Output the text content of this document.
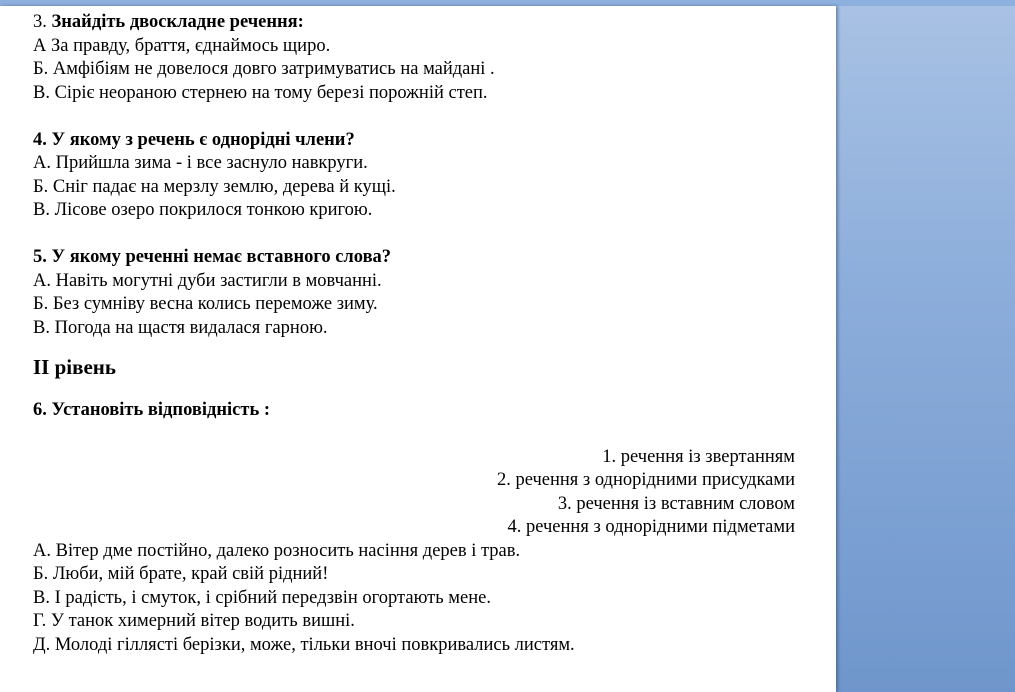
3. Знайдіть двоскладне речення:
А За правду, браття, єднаймось щиро.
Б. Амфібіям не довелося довго затримуватись на майдані .
В. Сіріє неораною стернею на тому березі порожній степ.
4. У якому з речень є однорідні члени?
А. Прийшла зима - і все заснуло навкруги.
Б. Сніг падає на мерзлу землю, дерева й кущі.
В. Лісове озеро покрилося тонкою кригою.
5. У якому реченні немає вставного слова?
А. Навіть могутні дуби застигли в мовчанні.
Б. Без сумніву весна колись переможе зиму.
В. Погода на щастя видалася гарною.
ІІ рівень
6. Установіть відповідність :
1. речення із звертанням
2. речення з однорідними присудками
3. речення із вставним словом
4. речення з однорідними підметами
А. Вітер дме постійно, далеко розносить насіння дерев і трав.
Б. Люби, мій брате, край свій рідний!
В. І радість, і смуток, і срібний передзвін огортають мене.
Г. У танок химерний вітер водить вишні.
Д. Молоді гіллясті берізки, може, тільки вночі повкривались листям.
